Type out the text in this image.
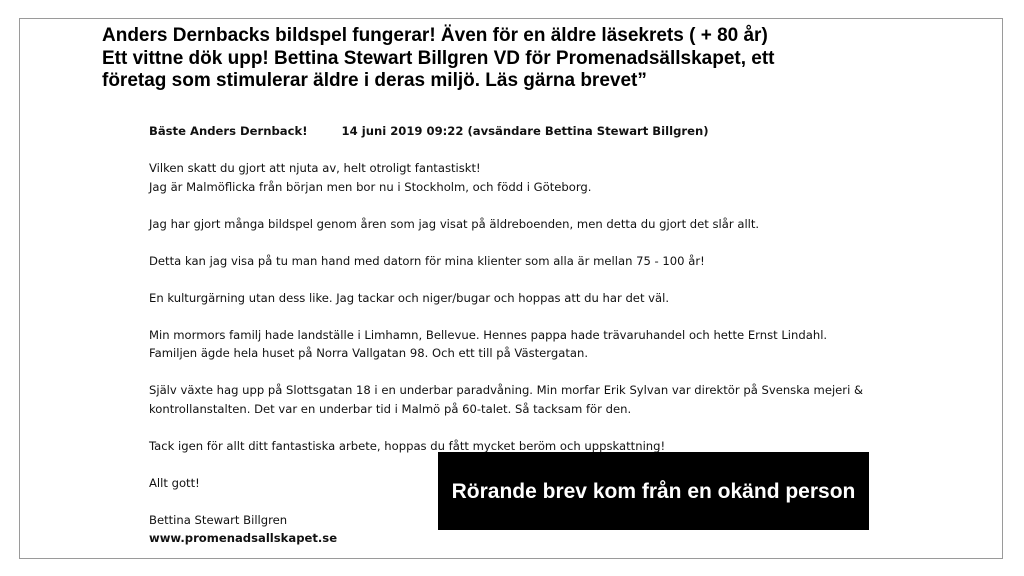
Anders Dernbacks bildspel fungerar! Även för en äldre läsekrets ( + 80 år)
Ett vittne dök upp! Bettina Stewart Billgren VD för Promenadsällskapet, ett
företag som stimulerar äldre i deras miljö. Läs gärna brevet”

Bäste Anders Dernback!	14 juni 2019 09:22 (avsändare Bettina Stewart Billgren)

Vilken skatt du gjort att njuta av, helt otroligt fantastiskt!

Jag är Malmöflicka från början men bor nu i Stockholm, och född i Göteborg.

Jag har gjort många bildspel genom åren som jag visat på äldreboenden, men detta du gjort det slår allt.

Detta kan jag visa på tu man hand med datorn för mina klienter som alla är mellan 75 - 100 år!

En kulturgärning utan dess like. Jag tackar och niger/bugar och hoppas att du har det väl.

Min mormors familj hade landställe i Limhamn, Bellevue. Hennes pappa hade trävaruhandel och hette Ernst Lindahl.

Familjen ägde hela huset på Norra Vallgatan 98. Och ett till på Västergatan.

Själv växte hag upp på Slottsgatan 18 i en underbar paradvåning. Min morfar Erik Sylvan var direktör på Svenska mejeri &

kontrollanstalten. Det var en underbar tid i Malmö på 60-talet. Så tacksam för den.

Tack igen för allt ditt fantastiska arbete, hoppas du fått mycket beröm och uppskattning!

Allt gott!

Bettina Stewart Billgren

www.promenadsallskapet.se

Rörande brev kom från en okänd person
